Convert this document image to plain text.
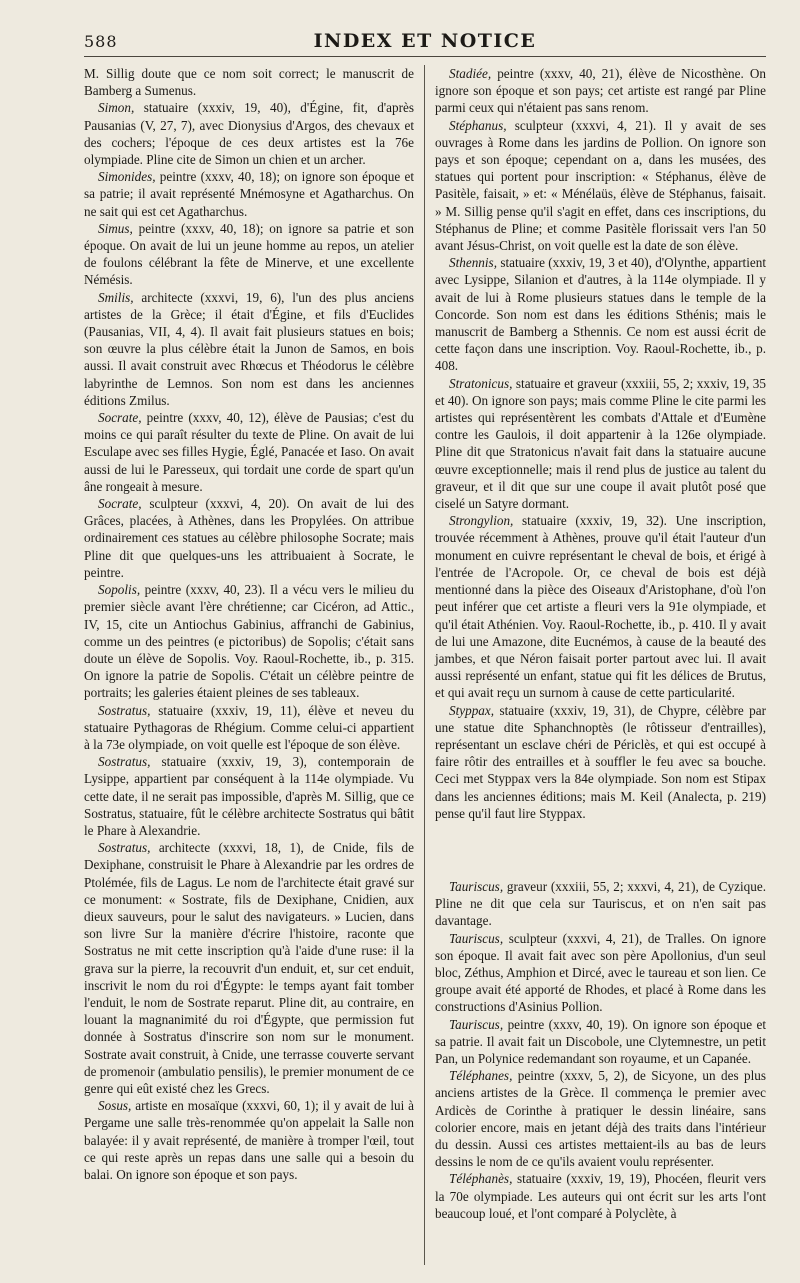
588	INDEX ET NOTICE

M. Sillig doute que ce nom soit correct; le manuscrit de Bamberg a Sumenus.

Simon, statuaire (xxxiv, 19, 40), d'Égine, fit, d'après Pausanias (V, 27, 7), avec Dionysius d'Argos, des chevaux et des cochers; l'époque de ces deux artistes est la 76e olympiade. Pline cite de Simon un chien et un archer.

Simonides, peintre (xxxv, 40, 18); on ignore son époque et sa patrie; il avait représenté Mnémosyne et Agatharchus. On ne sait qui est cet Agatharchus.

Simus, peintre (xxxv, 40, 18); on ignore sa patrie et son époque. On avait de lui un jeune homme au repos, un atelier de foulons célébrant la fête de Minerve, et une excellente Némésis.

Smilis, architecte (xxxvi, 19, 6), l'un des plus anciens artistes de la Grèce; il était d'Égine, et fils d'Euclides (Pausanias, VII, 4, 4). Il avait fait plusieurs statues en bois; son œuvre la plus célèbre était la Junon de Samos, en bois aussi. Il avait construit avec Rhœcus et Théodorus le célèbre labyrinthe de Lemnos. Son nom est dans les anciennes éditions Zmilus.

Socrate, peintre (xxxv, 40, 12), élève de Pausias; c'est du moins ce qui paraît résulter du texte de Pline. On avait de lui Esculape avec ses filles Hygie, Églé, Panacée et Iaso. On avait aussi de lui le Paresseux, qui tordait une corde de spart qu'un âne rongeait à mesure.

Socrate, sculpteur (xxxvi, 4, 20). On avait de lui des Grâces, placées, à Athènes, dans les Propylées. On attribue ordinairement ces statues au célèbre philosophe Socrate; mais Pline dit que quelques-uns les attribuaient à Socrate, le peintre.

Sopolis, peintre (xxxv, 40, 23). Il a vécu vers le milieu du premier siècle avant l'ère chrétienne; car Cicéron, ad Attic., IV, 15, cite un Antiochus Gabinius, affranchi de Gabinius, comme un des peintres (e pictoribus) de Sopolis; c'était sans doute un élève de Sopolis. Voy. Raoul-Rochette, ib., p. 315. On ignore la patrie de Sopolis. C'était un célèbre peintre de portraits; les galeries étaient pleines de ses tableaux.

Sostratus, statuaire (xxxiv, 19, 11), élève et neveu du statuaire Pythagoras de Rhégium. Comme celui-ci appartient à la 73e olympiade, on voit quelle est l'époque de son élève.

Sostratus, statuaire (xxxiv, 19, 3), contemporain de Lysippe, appartient par conséquent à la 114e olympiade. Vu cette date, il ne serait pas impossible, d'après M. Sillig, que ce Sostratus, statuaire, fût le célèbre architecte Sostratus qui bâtit le Phare à Alexandrie.

Sostratus, architecte (xxxvi, 18, 1), de Cnide, fils de Dexiphane, construisit le Phare à Alexandrie par les ordres de Ptolémée, fils de Lagus. Le nom de l'architecte était gravé sur ce monument: « Sostrate, fils de Dexiphane, Cnidien, aux dieux sauveurs, pour le salut des navigateurs. » Lucien, dans son livre Sur la manière d'écrire l'histoire, raconte que Sostratus ne mit cette inscription qu'à l'aide d'une ruse: il la grava sur la pierre, la recouvrit d'un enduit, et, sur cet enduit, inscrivit le nom du roi d'Égypte: le temps ayant fait tomber l'enduit, le nom de Sostrate reparut. Pline dit, au contraire, en louant la magnanimité du roi d'Égypte, que permission fut donnée à Sostratus d'inscrire son nom sur le monument. Sostrate avait construit, à Cnide, une terrasse couverte servant de promenoir (ambulatio pensilis), le premier monument de ce genre qui eût existé chez les Grecs.

Sosus, artiste en mosaïque (xxxvi, 60, 1); il y avait de lui à Pergame une salle très-renommée qu'on appelait la Salle non balayée: il y avait représenté, de manière à tromper l'œil, tout ce qui reste après un repas dans une salle qui a besoin du balai. On ignore son époque et son pays.

Stadiée, peintre (xxxv, 40, 21), élève de Nicosthène. On ignore son époque et son pays; cet artiste est rangé par Pline parmi ceux qui n'étaient pas sans renom.

Stéphanus, sculpteur (xxxvi, 4, 21). Il y avait de ses ouvrages à Rome dans les jardins de Pollion. On ignore son pays et son époque; cependant on a, dans les musées, des statues qui portent pour inscription: « Stéphanus, élève de Pasitèle, faisait, » et: « Ménélaüs, élève de Stéphanus, faisait. » M. Sillig pense qu'il s'agit en effet, dans ces inscriptions, du Stéphanus de Pline; et comme Pasitèle florissait vers l'an 50 avant Jésus-Christ, on voit quelle est la date de son élève.

Sthennis, statuaire (xxxiv, 19, 3 et 40), d'Olynthe, appartient avec Lysippe, Silanion et d'autres, à la 114e olympiade. Il y avait de lui à Rome plusieurs statues dans le temple de la Concorde. Son nom est dans les éditions Sthénis; mais le manuscrit de Bamberg a Sthennis. Ce nom est aussi écrit de cette façon dans une inscription. Voy. Raoul-Rochette, ib., p. 408.

Stratonicus, statuaire et graveur (xxxiii, 55, 2; xxxiv, 19, 35 et 40). On ignore son pays; mais comme Pline le cite parmi les artistes qui représentèrent les combats d'Attale et d'Eumène contre les Gaulois, il doit appartenir à la 126e olympiade. Pline dit que Stratonicus n'avait fait dans la statuaire aucune œuvre exceptionnelle; mais il rend plus de justice au talent du graveur, et il dit que sur une coupe il avait plutôt posé que ciselé un Satyre dormant.

Strongylion, statuaire (xxxiv, 19, 32). Une inscription, trouvée récemment à Athènes, prouve qu'il était l'auteur d'un monument en cuivre représentant le cheval de bois, et érigé à l'entrée de l'Acropole. Or, ce cheval de bois est déjà mentionné dans la pièce des Oiseaux d'Aristophane, d'où l'on peut inférer que cet artiste a fleuri vers la 91e olympiade, et qu'il était Athénien. Voy. Raoul-Rochette, ib., p. 410. Il y avait de lui une Amazone, dite Eucnémos, à cause de la beauté des jambes, et que Néron faisait porter partout avec lui. Il avait aussi représenté un enfant, statue qui fit les délices de Brutus, et qui avait reçu un surnom à cause de cette particularité.

Styppax, statuaire (xxxiv, 19, 31), de Chypre, célèbre par une statue dite Sphanchnoptès (le rôtisseur d'entrailles), représentant un esclave chéri de Périclès, et qui est occupé à faire rôtir des entrailles et à souffler le feu avec sa bouche. Ceci met Styppax vers la 84e olympiade. Son nom est Stipax dans les anciennes éditions; mais M. Keil (Analecta, p. 219) pense qu'il faut lire Styppax.

Tauriscus, graveur (xxxiii, 55, 2; xxxvi, 4, 21), de Cyzique. Pline ne dit que cela sur Tauriscus, et on n'en sait pas davantage.

Tauriscus, sculpteur (xxxvi, 4, 21), de Tralles. On ignore son époque. Il avait fait avec son père Apollonius, d'un seul bloc, Zéthus, Amphion et Dircé, avec le taureau et son lien. Ce groupe avait été apporté de Rhodes, et placé à Rome dans les constructions d'Asinius Pollion.

Tauriscus, peintre (xxxv, 40, 19). On ignore son époque et sa patrie. Il avait fait un Discobole, une Clytemnestre, un petit Pan, un Polynice redemandant son royaume, et un Capanée.

Téléphanes, peintre (xxxv, 5, 2), de Sicyone, un des plus anciens artistes de la Grèce. Il commença le premier avec Ardicès de Corinthe à pratiquer le dessin linéaire, sans colorier encore, mais en jetant déjà des traits dans l'intérieur du dessin. Aussi ces artistes mettaient-ils au bas de leurs dessins le nom de ce qu'ils avaient voulu représenter.

Téléphanès, statuaire (xxxiv, 19, 19), Phocéen, fleurit vers la 70e olympiade. Les auteurs qui ont écrit sur les arts l'ont beaucoup loué, et l'ont comparé à Polyclète, à
